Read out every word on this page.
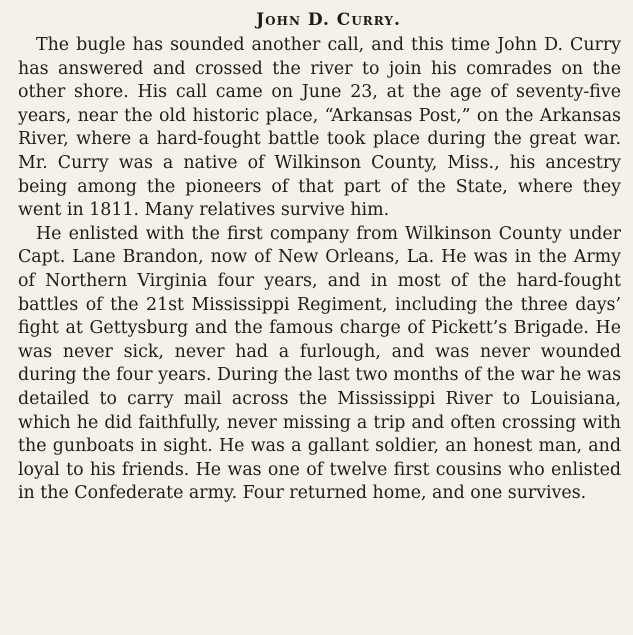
John D. Curry.

The bugle has sounded another call, and this time John D. Curry has answered and crossed the river to join his comrades on the other shore. His call came on June 23, at the age of seventy-five years, near the old historic place, “Arkansas Post,” on the Arkansas River, where a hard-fought battle took place during the great war. Mr. Curry was a native of Wilkinson County, Miss., his ancestry being among the pioneers of that part of the State, where they went in 1811. Many relatives survive him.

He enlisted with the first company from Wilkinson County under Capt. Lane Brandon, now of New Orleans, La. He was in the Army of Northern Virginia four years, and in most of the hard-fought battles of the 21st Mississippi Regiment, including the three days’ fight at Gettysburg and the famous charge of Pickett’s Brigade. He was never sick, never had a furlough, and was never wounded during the four years. During the last two months of the war he was detailed to carry mail across the Mississippi River to Louisiana, which he did faithfully, never missing a trip and often crossing with the gunboats in sight. He was a gallant soldier, an honest man, and loyal to his friends. He was one of twelve first cousins who enlisted in the Confederate army. Four returned home, and one survives.
